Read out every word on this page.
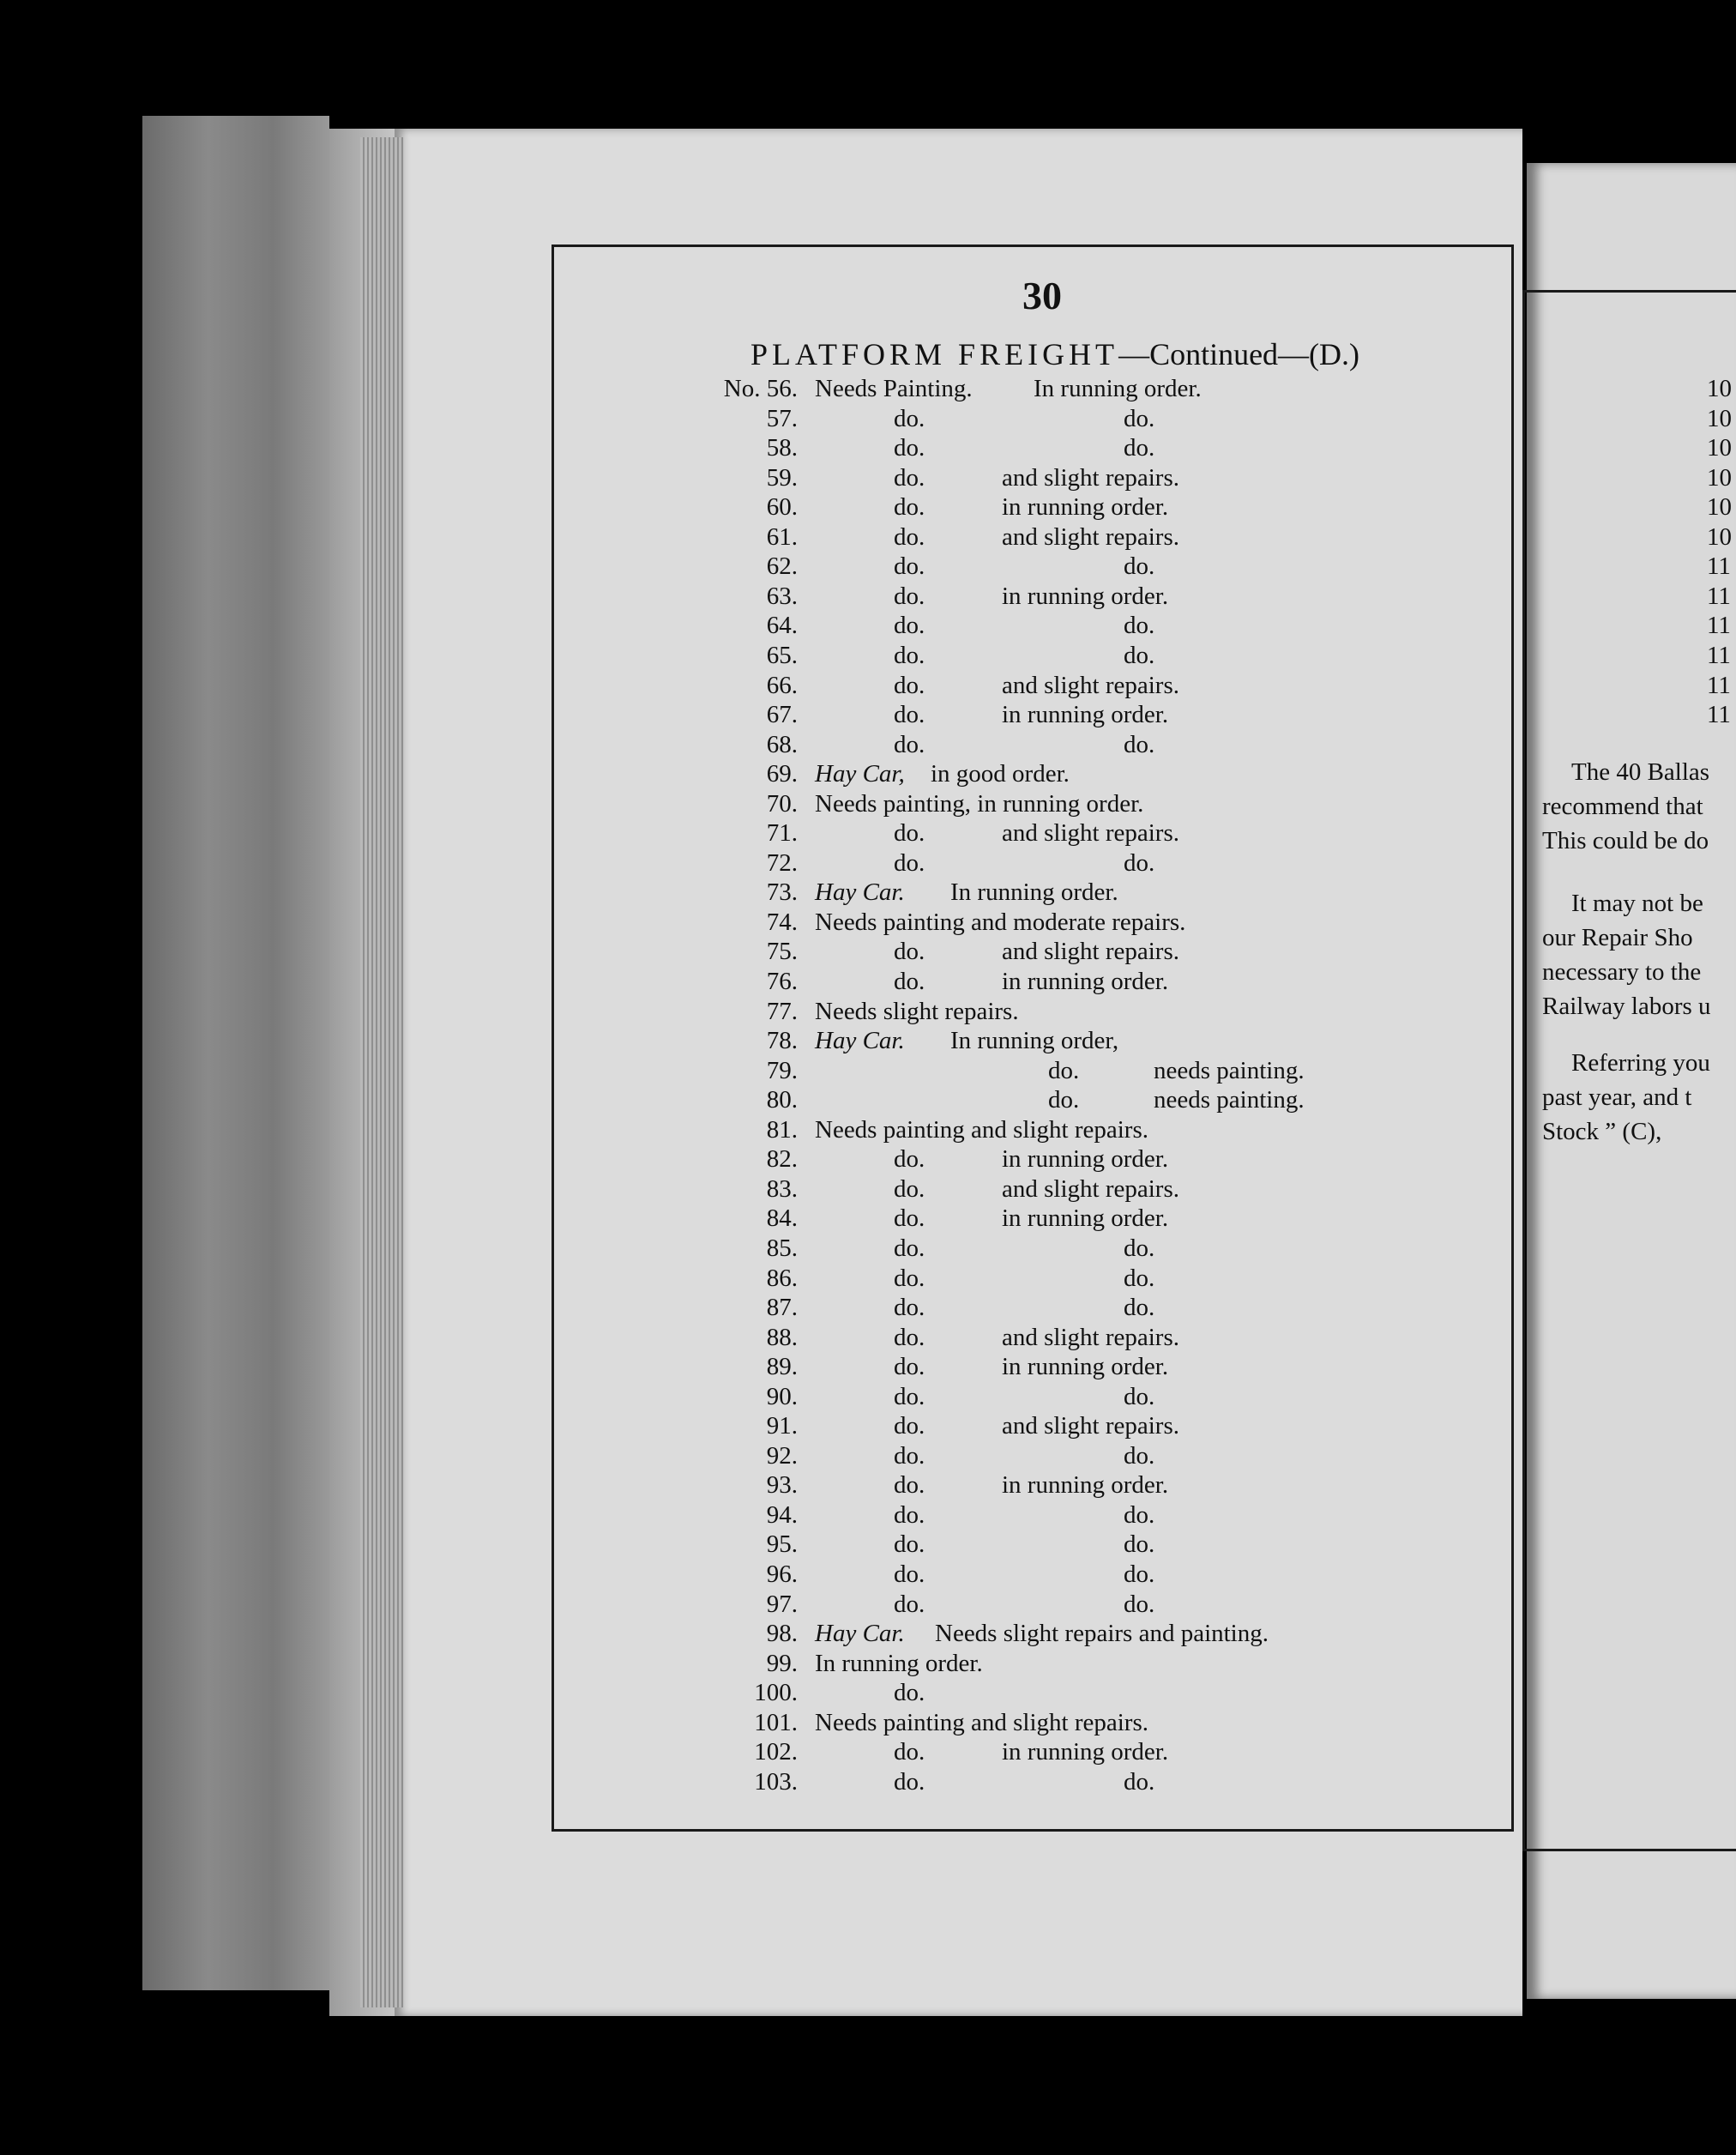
30
PLATFORM FREIGHT—Continued—(D.)
No. 56. Needs Painting. In running order.
57.	do.	do.
58.	do.	do.
59.	do.	and slight repairs.
60.	do.	in running order.
61.	do.	and slight repairs.
62.	do.	do.
63.	do.	in running order.
64.	do.	do.
65.	do.	do.
66.	do.	and slight repairs.
67.	do.	in running order.
68.	do.	do.
69. Hay Car, in good order.
70. Needs painting, in running order.
71.	do.	and slight repairs.
72.	do.	do.
73. Hay Car. In running order.
74. Needs painting and moderate repairs.
75.	do.	and slight repairs.
76.	do.	in running order.
77. Needs slight repairs.
78. Hay Car. In running order,
79.	do.	needs painting.
80.	do.	needs painting.
81. Needs painting and slight repairs.
82.	do.	in running order.
83.	do.	and slight repairs.
84.	do.	in running order.
85.	do.	do.
86.	do.	do.
87.	do.	do.
88.	do.	and slight repairs.
89.	do.	in running order.
90.	do.	do.
91.	do.	and slight repairs.
92.	do.	do.
93.	do.	in running order.
94.	do.	do.
95.	do.	do.
96.	do.	do.
97.	do.	do.
98. Hay Car. Needs slight repairs and painting.
99. In running order.
100.	do.
101. Needs painting and slight repairs.
102.	do.	in running order.
103.	do.	do.
10
10
10
10
10
10
11
11
11
11
11
11
The 40 Ballas
recommend that
This could be do
It may not be
our Repair Sho
necessary to the
Railway labors u
Referring you
past year, and t
Stock ” (C),
